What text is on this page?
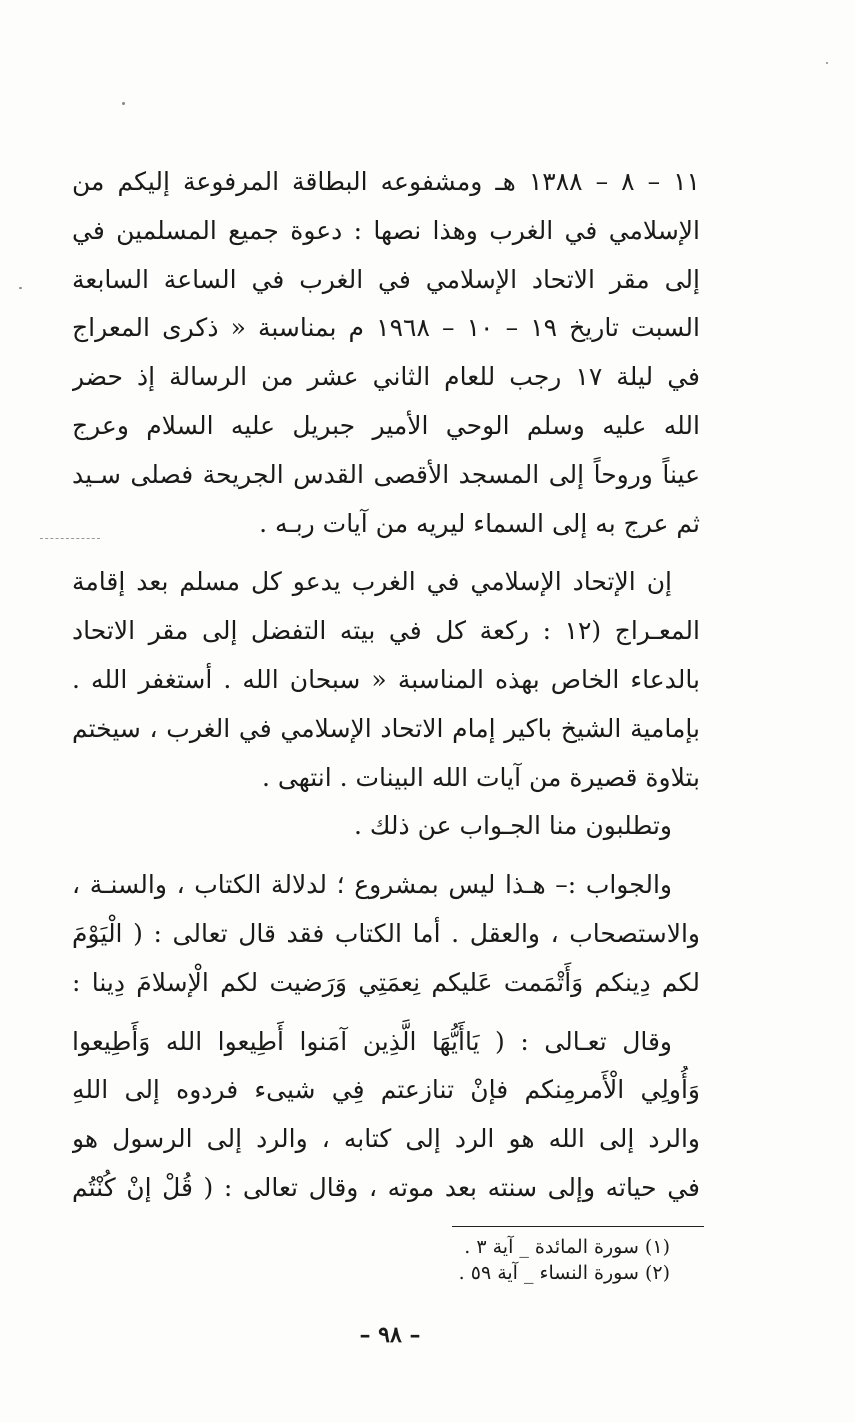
١١ – ٨ – ١٣٨٨ هـ ومشفوعه البطاقة المرفوعة إليكم من
الإسلامي في الغرب وهذا نصها : دعوة جميع المسلمين في
إلى مقر الاتحاد الإسلامي في الغرب في الساعة السابعة
السبت تاريخ ١٩ – ١٠ – ١٩٦٨ م بمناسبة « ذكرى المعراج
في ليلة ١٧ رجب للعام الثاني عشر من الرسالة إذ حضر
الله عليه وسلم الوحي الأمير جبريل عليه السلام وعرج
عيناً وروحاً إلى المسجد الأقصى القدس الجريحة فصلى سـيد
ثم عرج به إلى السماء ليريه من آيات ربـه .
إن الإتحاد الإسلامي في الغرب يدعو كل مسلم بعد إقامة
المعـراج (١٢ : ركعة كل في بيته التفضل إلى مقر الاتحاد
بالدعاء الخاص بهذه المناسبة « سبحان الله . أستغفر الله .
بإمامية الشيخ باكير إمام الاتحاد الإسلامي في الغرب ، سيختم
بتلاوة قصيرة من آيات الله البينات . انتهى .
وتطلبون منا الجـواب عن ذلك .
والجواب :– هـذا ليس بمشروع ؛ لدلالة الكتاب ، والسنـة ،
والاستصحاب ، والعقل . أما الكتاب فقد قال تعالى : ( الْيَوْمَ
لكم دِينكم وَأَتْمَمت عَليكم نِعمَتِي وَرَضيت لكم الْإسلامَ دِينا :
وقال تعـالى : ( يَاأَيُّهَا الَّذِين آمَنوا أَطِيعوا الله وَأَطِيعوا
وَأُولِي الْأَمرمِنكم فإنْ تنازعتم فِي شيىء فردوه إلى اللهِ
والرد إلى الله هو الرد إلى كتابه ، والرد إلى الرسول هو
في حياته وإلى سنته بعد موته ، وقال تعالى : ( قُلْ إنْ كُنْتُم
(١) سورة المائدة _ آية ٣ .
(٢) سورة النساء _ آية ٥٩ .
– ٩٨ –
